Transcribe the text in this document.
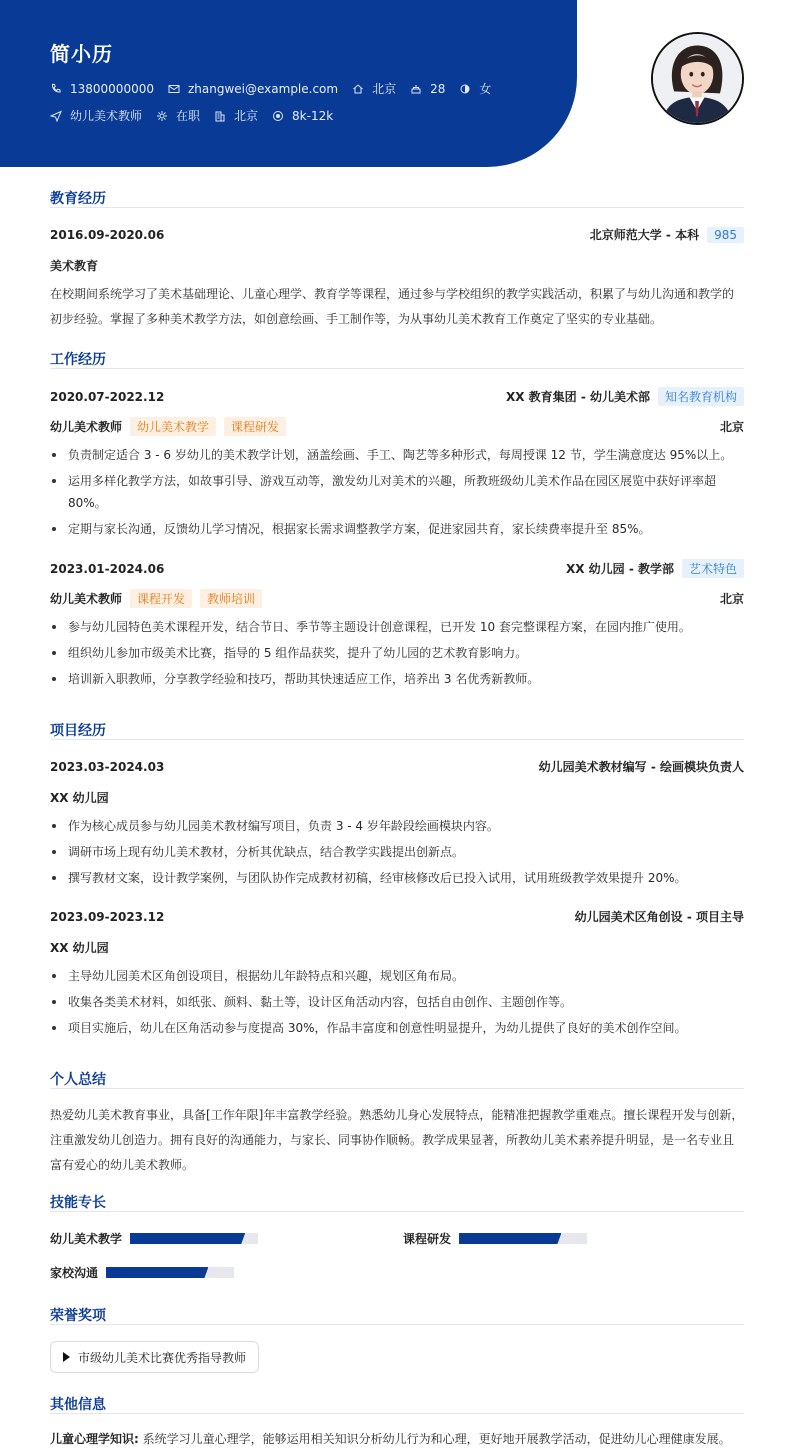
简小历
13800000000	zhangwei@example.com	北京	28	女
幼儿美术教师	在职	北京	8k-12k
教育经历
2016.09-2020.06	北京师范大学 - 本科	985
美术教育
在校期间系统学习了美术基础理论、儿童心理学、教育学等课程，通过参与学校组织的教学实践活动，积累了与幼儿沟通和教学的初步经验。掌握了多种美术教学方法，如创意绘画、手工制作等，为从事幼儿美术教育工作奠定了坚实的专业基础。
工作经历
2020.07-2022.12	XX 教育集团 - 幼儿美术部	知名教育机构
幼儿美术教师	幼儿美术教学	课程研发	北京
负责制定适合 3 - 6 岁幼儿的美术教学计划，涵盖绘画、手工、陶艺等多种形式，每周授课 12 节，学生满意度达 95%以上。
运用多样化教学方法，如故事引导、游戏互动等，激发幼儿对美术的兴趣，所教班级幼儿美术作品在园区展览中获好评率超 80%。
定期与家长沟通，反馈幼儿学习情况，根据家长需求调整教学方案，促进家园共育，家长续费率提升至 85%。
2023.01-2024.06	XX 幼儿园 - 教学部	艺术特色
幼儿美术教师	课程开发	教师培训	北京
参与幼儿园特色美术课程开发，结合节日、季节等主题设计创意课程，已开发 10 套完整课程方案，在园内推广使用。
组织幼儿参加市级美术比赛，指导的 5 组作品获奖，提升了幼儿园的艺术教育影响力。
培训新入职教师，分享教学经验和技巧，帮助其快速适应工作，培养出 3 名优秀新教师。
项目经历
2023.03-2024.03	幼儿园美术教材编写 - 绘画模块负责人
XX 幼儿园
作为核心成员参与幼儿园美术教材编写项目，负责 3 - 4 岁年龄段绘画模块内容。
调研市场上现有幼儿美术教材，分析其优缺点，结合教学实践提出创新点。
撰写教材文案，设计教学案例，与团队协作完成教材初稿，经审核修改后已投入试用，试用班级教学效果提升 20%。
2023.09-2023.12	幼儿园美术区角创设 - 项目主导
XX 幼儿园
主导幼儿园美术区角创设项目，根据幼儿年龄特点和兴趣，规划区角布局。
收集各类美术材料，如纸张、颜料、黏土等，设计区角活动内容，包括自由创作、主题创作等。
项目实施后，幼儿在区角活动参与度提高 30%，作品丰富度和创意性明显提升，为幼儿提供了良好的美术创作空间。
个人总结
热爱幼儿美术教育事业，具备[工作年限]年丰富教学经验。熟悉幼儿身心发展特点，能精准把握教学重难点。擅长课程开发与创新，注重激发幼儿创造力。拥有良好的沟通能力，与家长、同事协作顺畅。教学成果显著，所教幼儿美术素养提升明显，是一名专业且富有爱心的幼儿美术教师。
技能专长
幼儿美术教学	课程研发
家校沟通
荣誉奖项
市级幼儿美术比赛优秀指导教师
其他信息
儿童心理学知识: 系统学习儿童心理学，能够运用相关知识分析幼儿行为和心理，更好地开展教学活动，促进幼儿心理健康发展。
